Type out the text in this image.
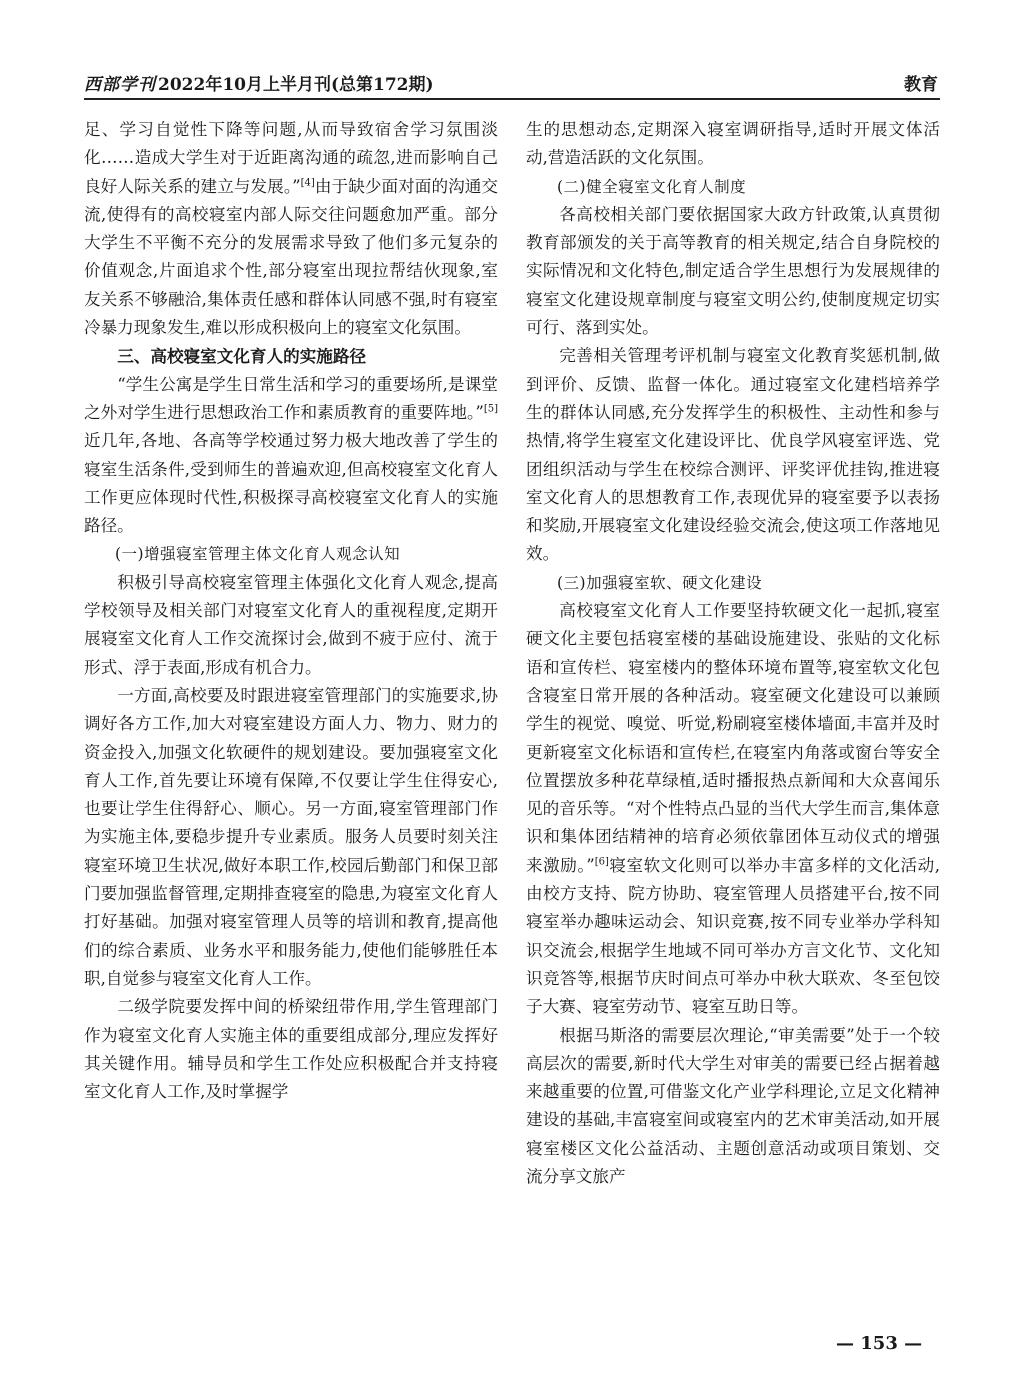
西部学刊 2022年10月上半月刊(总第172期)	教育

足、学习自觉性下降等问题,从而导致宿舍学习氛围淡化……造成大学生对于近距离沟通的疏忽,进而影响自己良好人际关系的建立与发展。”[4]由于缺少面对面的沟通交流,使得有的高校寝室内部人际交往问题愈加严重。部分大学生不平衡不充分的发展需求导致了他们多元复杂的价值观念,片面追求个性,部分寝室出现拉帮结伙现象,室友关系不够融洽,集体责任感和群体认同感不强,时有寝室冷暴力现象发生,难以形成积极向上的寝室文化氛围。

三、高校寝室文化育人的实施路径

“学生公寓是学生日常生活和学习的重要场所,是课堂之外对学生进行思想政治工作和素质教育的重要阵地。”[5]近几年,各地、各高等学校通过努力极大地改善了学生的寝室生活条件,受到师生的普遍欢迎,但高校寝室文化育人工作更应体现时代性,积极探寻高校寝室文化育人的实施路径。

(一)增强寝室管理主体文化育人观念认知

积极引导高校寝室管理主体强化文化育人观念,提高学校领导及相关部门对寝室文化育人的重视程度,定期开展寝室文化育人工作交流探讨会,做到不疲于应付、流于形式、浮于表面,形成有机合力。

一方面,高校要及时跟进寝室管理部门的实施要求,协调好各方工作,加大对寝室建设方面人力、物力、财力的资金投入,加强文化软硬件的规划建设。要加强寝室文化育人工作,首先要让环境有保障,不仅要让学生住得安心,也要让学生住得舒心、顺心。另一方面,寝室管理部门作为实施主体,要稳步提升专业素质。服务人员要时刻关注寝室环境卫生状况,做好本职工作,校园后勤部门和保卫部门要加强监督管理,定期排查寝室的隐患,为寝室文化育人打好基础。加强对寝室管理人员等的培训和教育,提高他们的综合素质、业务水平和服务能力,使他们能够胜任本职,自觉参与寝室文化育人工作。

二级学院要发挥中间的桥梁纽带作用,学生管理部门作为寝室文化育人实施主体的重要组成部分,理应发挥好其关键作用。辅导员和学生工作处应积极配合并支持寝室文化育人工作,及时掌握学

生的思想动态,定期深入寝室调研指导,适时开展文体活动,营造活跃的文化氛围。

(二)健全寝室文化育人制度

各高校相关部门要依据国家大政方针政策,认真贯彻教育部颁发的关于高等教育的相关规定,结合自身院校的实际情况和文化特色,制定适合学生思想行为发展规律的寝室文化建设规章制度与寝室文明公约,使制度规定切实可行、落到实处。

完善相关管理考评机制与寝室文化教育奖惩机制,做到评价、反馈、监督一体化。通过寝室文化建档培养学生的群体认同感,充分发挥学生的积极性、主动性和参与热情,将学生寝室文化建设评比、优良学风寝室评选、党团组织活动与学生在校综合测评、评奖评优挂钩,推进寝室文化育人的思想教育工作,表现优异的寝室要予以表扬和奖励,开展寝室文化建设经验交流会,使这项工作落地见效。

(三)加强寝室软、硬文化建设

高校寝室文化育人工作要坚持软硬文化一起抓,寝室硬文化主要包括寝室楼的基础设施建设、张贴的文化标语和宣传栏、寝室楼内的整体环境布置等,寝室软文化包含寝室日常开展的各种活动。寝室硬文化建设可以兼顾学生的视觉、嗅觉、听觉,粉刷寝室楼体墙面,丰富并及时更新寝室文化标语和宣传栏,在寝室内角落或窗台等安全位置摆放多种花草绿植,适时播报热点新闻和大众喜闻乐见的音乐等。“对个性特点凸显的当代大学生而言,集体意识和集体团结精神的培育必须依靠团体互动仪式的增强来激励。”[6]寝室软文化则可以举办丰富多样的文化活动,由校方支持、院方协助、寝室管理人员搭建平台,按不同寝室举办趣味运动会、知识竞赛,按不同专业举办学科知识交流会,根据学生地域不同可举办方言文化节、文化知识竞答等,根据节庆时间点可举办中秋大联欢、冬至包饺子大赛、寝室劳动节、寝室互助日等。

根据马斯洛的需要层次理论,“审美需要”处于一个较高层次的需要,新时代大学生对审美的需要已经占据着越来越重要的位置,可借鉴文化产业学科理论,立足文化精神建设的基础,丰富寝室间或寝室内的艺术审美活动,如开展寝室楼区文化公益活动、主题创意活动或项目策划、交流分享文旅产

— 153 —
